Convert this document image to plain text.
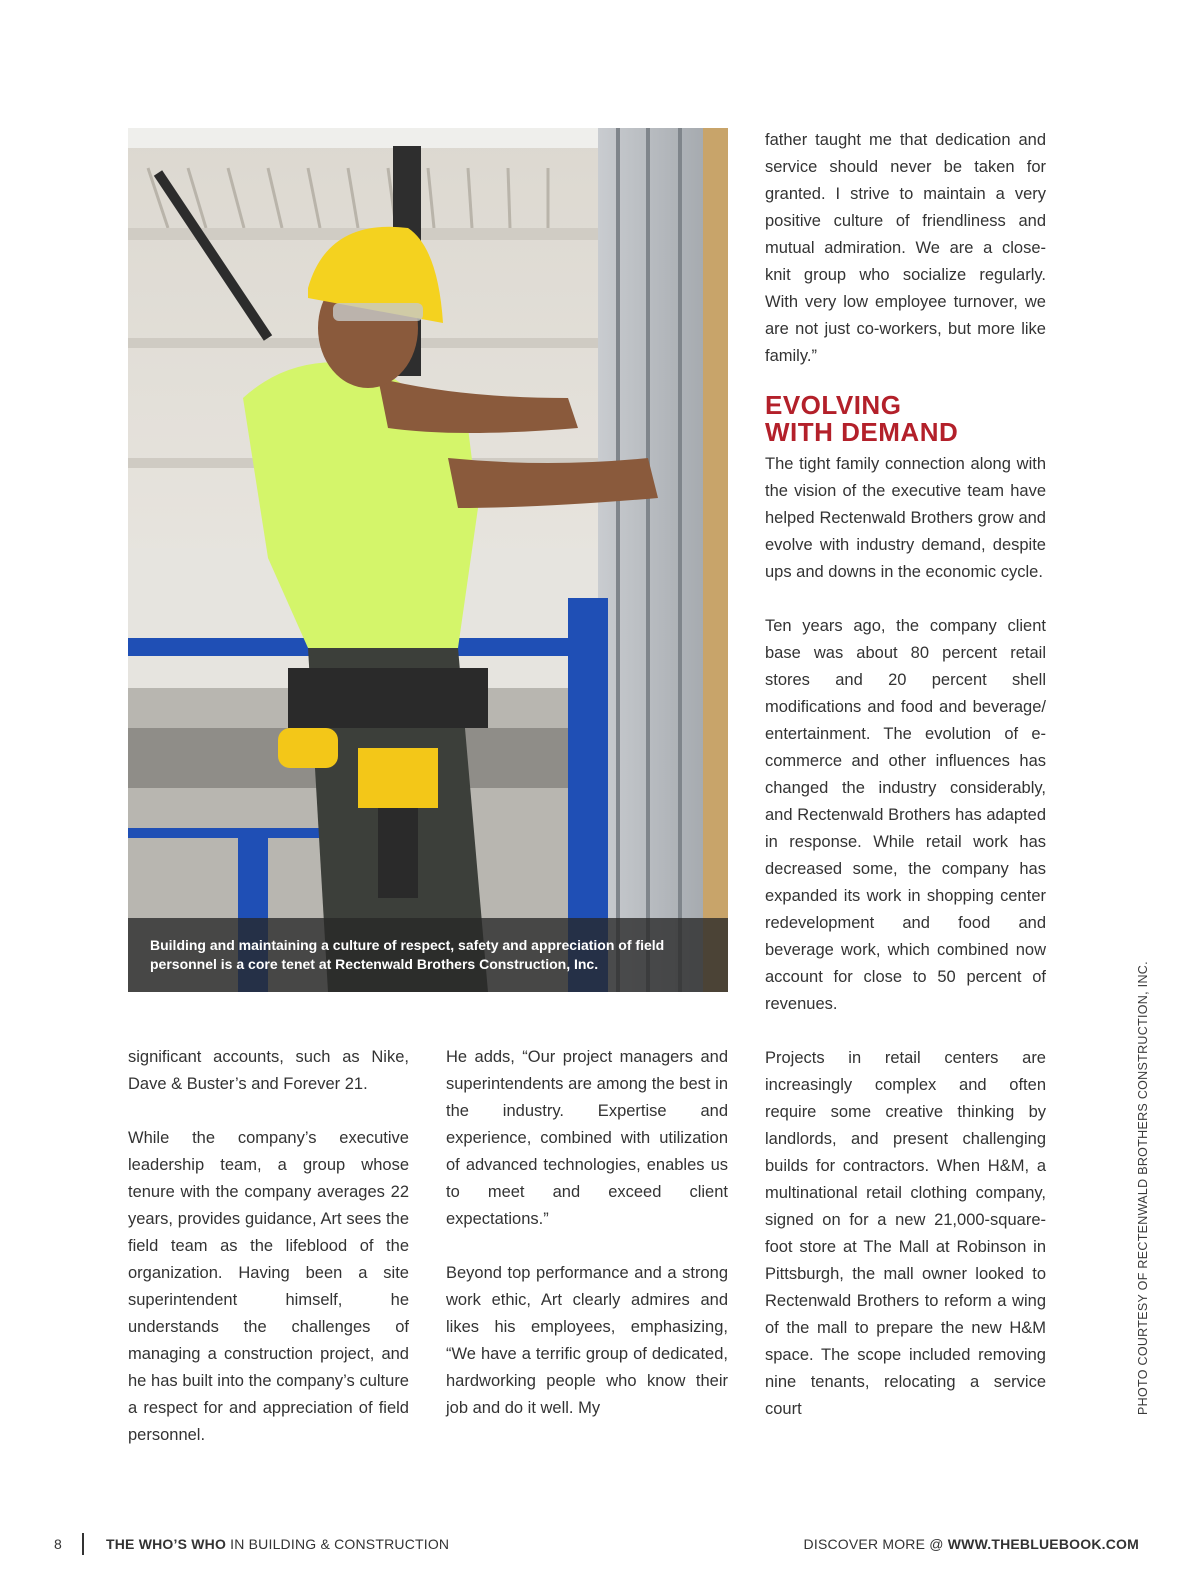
Building and maintaining a culture of respect, safety and appreciation of field personnel is a core tenet at Rectenwald Brothers Construction, Inc.

significant accounts, such as Nike, Dave & Buster’s and Forever 21.

While the company’s executive leadership team, a group whose tenure with the company averages 22 years, provides guidance, Art sees the field team as the lifeblood of the organization. Having been a site superintendent himself, he understands the challenges of managing a construction project, and he has built into the company’s culture a respect for and appreciation of field personnel.

He adds, “Our project managers and superintendents are among the best in the industry. Expertise and experience, combined with utilization of advanced technologies, enables us to meet and exceed client expectations.”

Beyond top performance and a strong work ethic, Art clearly admires and likes his employees, emphasizing, “We have a terrific group of dedicated, hardworking people who know their job and do it well. My

father taught me that dedication and service should never be taken for granted. I strive to maintain a very positive culture of friendliness and mutual admiration. We are a close-knit group who socialize regularly. With very low employee turnover, we are not just co-workers, but more like family.”

EVOLVING
WITH DEMAND

The tight family connection along with the vision of the executive team have helped Rectenwald Brothers grow and evolve with industry demand, despite ups and downs in the economic cycle.

Ten years ago, the company client base was about 80 percent retail stores and 20 percent shell modifications and food and beverage/ entertainment. The evolution of e-commerce and other influences has changed the industry considerably, and Rectenwald Brothers has adapted in response. While retail work has decreased some, the company has expanded its work in shopping center redevelopment and food and beverage work, which combined now account for close to 50 percent of revenues.

Projects in retail centers are increasingly complex and often require some creative thinking by landlords, and present challenging builds for contractors. When H&M, a multinational retail clothing company, signed on for a new 21,000-square-foot store at The Mall at Robinson in Pittsburgh, the mall owner looked to Rectenwald Brothers to reform a wing of the mall to prepare the new H&M space. The scope included removing nine tenants, relocating a service court	PHOTO COURTESY OF RECTENWALD BROTHERS CONSTRUCTION, INC.
8	THE WHO’S WHO IN BUILDING & CONSTRUCTION	DISCOVER MORE @ WWW.THEBLUEBOOK.COM
